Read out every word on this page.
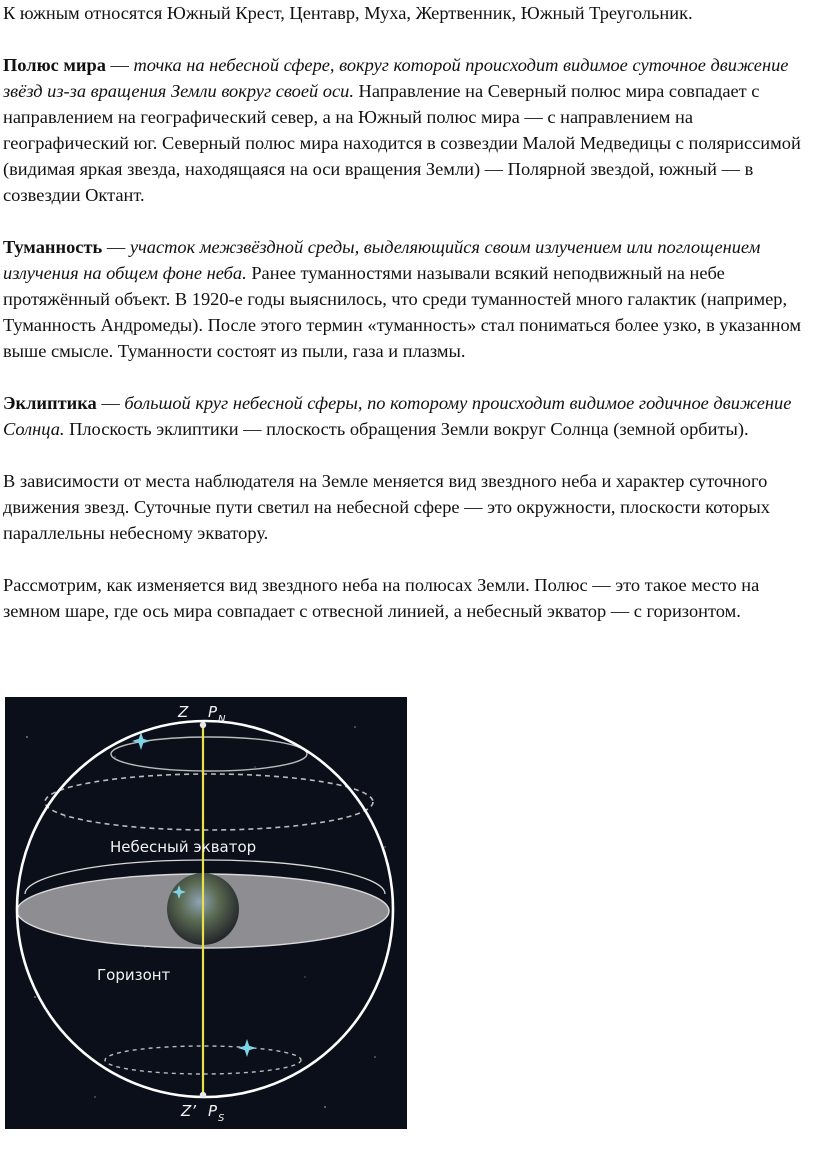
К южным относятся Южный Крест, Центавр, Муха, Жертвенник, Южный Треугольник.

Полюс мира — точка на небесной сфере, вокруг которой происходит видимое суточное движение звёзд из-за вращения Земли вокруг своей оси. Направление на Северный полюс мира совпадает с направлением на географический север, а на Южный полюс мира — с направлением на географический юг. Северный полюс мира находится в созвездии Малой Медведицы с поляриссимой (видимая яркая звезда, находящаяся на оси вращения Земли) — Полярной звездой, южный — в созвездии Октант.

Туманность — участок межзвёздной среды, выделяющийся своим излучением или поглощением излучения на общем фоне неба. Ранее туманностями называли всякий неподвижный на небе протяжённый объект. В 1920-е годы выяснилось, что среди туманностей много галактик (например, Туманность Андромеды). После этого термин «туманность» стал пониматься более узко, в указанном выше смысле. Туманности состоят из пыли, газа и плазмы.

Эклиптика — большой круг небесной сферы, по которому происходит видимое годичное движение Солнца. Плоскость эклиптики — плоскость обращения Земли вокруг Солнца (земной орбиты).

В зависимости от места наблюдателя на Земле меняется вид звездного неба и характер суточного движения звезд. Суточные пути светил на небесной сфере — это окружности, плоскости которых параллельны небесному экватору.

Рассмотрим, как изменяется вид звездного неба на полюсах Земли. Полюс — это такое место на земном шаре, где ось мира совпадает с отвесной линией, а небесный экватор — с горизонтом.

Z P N
Небесный экватор
Горизонт
Z’ P S
